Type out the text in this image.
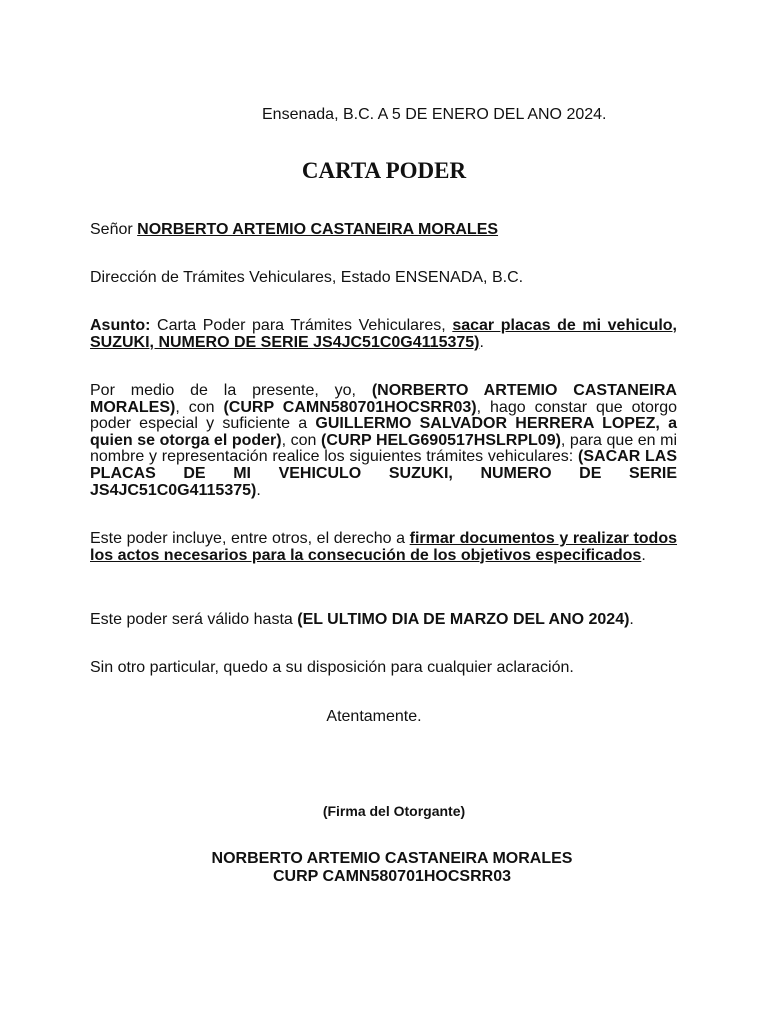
Ensenada, B.C. A 5 DE ENERO DEL ANO 2024.
CARTA PODER
Señor NORBERTO ARTEMIO CASTANEIRA MORALES
Dirección de Trámites Vehiculares, Estado ENSENADA, B.C.
Asunto: Carta Poder para Trámites Vehiculares, sacar placas de mi vehiculo, SUZUKI, NUMERO DE SERIE JS4JC51C0G4115375).
Por medio de la presente, yo, (NORBERTO ARTEMIO CASTANEIRA MORALES), con (CURP CAMN580701HOCSRR03), hago constar que otorgo poder especial y suficiente a GUILLERMO SALVADOR HERRERA LOPEZ, a quien se otorga el poder), con (CURP HELG690517HSLRPL09), para que en mi nombre y representación realice los siguientes trámites vehiculares: (SACAR LAS PLACAS DE MI VEHICULO SUZUKI, NUMERO DE SERIE JS4JC51C0G4115375).
Este poder incluye, entre otros, el derecho a firmar documentos y realizar todos los actos necesarios para la consecución de los objetivos especificados.
Este poder será válido hasta (EL ULTIMO DIA DE MARZO DEL ANO 2024).
Sin otro particular, quedo a su disposición para cualquier aclaración.
Atentamente.
(Firma del Otorgante)
NORBERTO ARTEMIO CASTANEIRA MORALES
CURP CAMN580701HOCSRR03
